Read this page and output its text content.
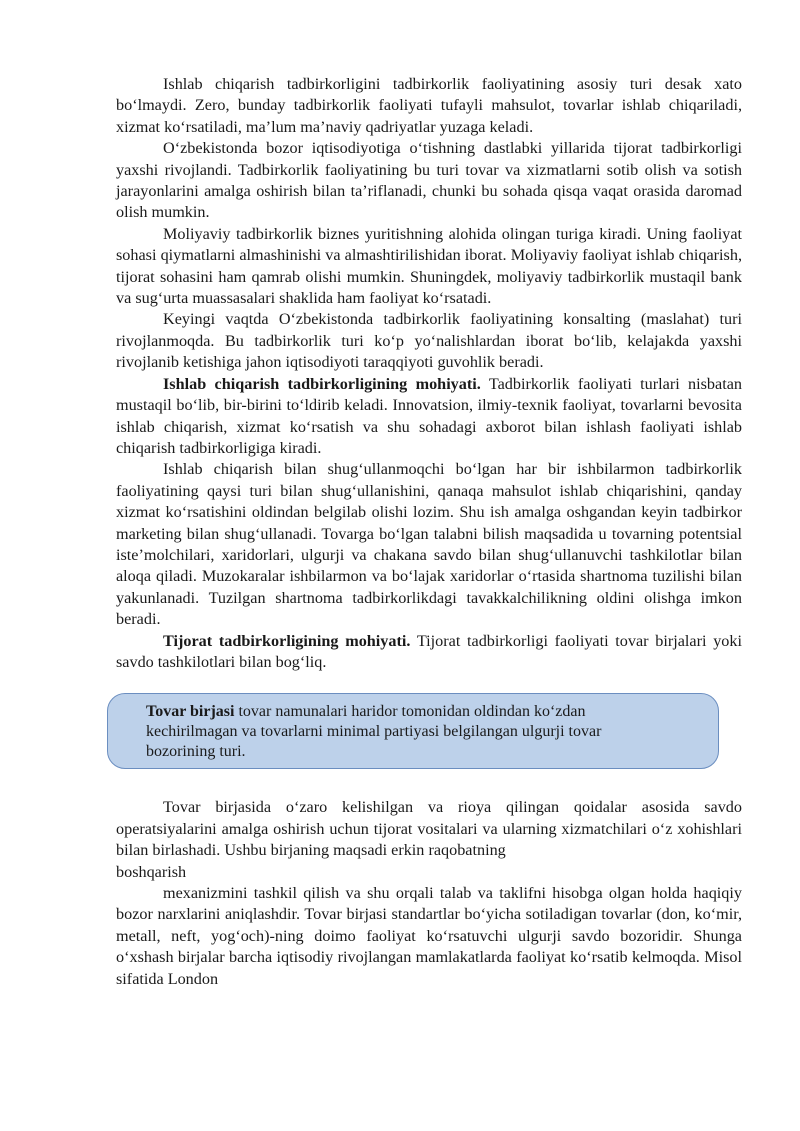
Ishlab chiqarish tadbirkorligini tadbirkorlik faoliyatining asosiy turi desak xato boʻlmaydi. Zero, bunday tadbirkorlik faoliyati tufayli mahsulot, tovarlar ishlab chiqariladi, xizmat koʻrsatiladi, maʼlum maʼnaviy qadriyatlar yuzaga keladi.

Oʻzbekistonda bozor iqtisodiyotiga oʻtishning dastlabki yillarida tijorat tadbirkorligi yaxshi rivojlandi. Tadbirkorlik faoliyatining bu turi tovar va xizmatlarni sotib olish va sotish jarayonlarini amalga oshirish bilan taʼriflanadi, chunki bu sohada qisqa vaqat orasida daromad olish mumkin.

Moliyaviy tadbirkorlik biznes yuritishning alohida olingan turiga kiradi. Uning faoliyat sohasi qiymatlarni almashinishi va almashtirilishidan iborat. Moliyaviy faoliyat ishlab chiqarish, tijorat sohasini ham qamrab olishi mumkin. Shuningdek, moliyaviy tadbirkorlik mustaqil bank va sugʻurta muassasalari shaklida ham faoliyat koʻrsatadi.

Keyingi vaqtda Oʻzbekistonda tadbirkorlik faoliyatining konsalting (maslahat) turi rivojlanmoqda. Bu tadbirkorlik turi koʻp yoʻnalishlardan iborat boʻlib, kelajakda yaxshi rivojlanib ketishiga jahon iqtisodiyoti taraqqiyoti guvohlik beradi.

Ishlab chiqarish tadbirkorligining mohiyati. Tadbirkorlik faoliyati turlari nisbatan mustaqil boʻlib, bir-birini toʻldirib keladi. Innovatsion, ilmiy-texnik faoliyat, tovarlarni bevosita ishlab chiqarish, xizmat koʻrsatish va shu sohadagi axborot bilan ishlash faoliyati ishlab chiqarish tadbirkorligiga kiradi.

Ishlab chiqarish bilan shugʻullanmoqchi boʻlgan har bir ishbilarmon tadbirkorlik faoliyatining qaysi turi bilan shugʻullanishini, qanaqa mahsulot ishlab chiqarishini, qanday xizmat koʻrsatishini oldindan belgilab olishi lozim. Shu ish amalga oshgandan keyin tadbirkor marketing bilan shugʻullanadi. Tovarga boʻlgan talabni bilish maqsadida u tovarning potentsial isteʼmolchilari, xaridorlari, ulgurji va chakana savdo bilan shugʻullanuvchi tashkilotlar bilan aloqa qiladi. Muzokaralar ishbilarmon va boʻlajak xaridorlar oʻrtasida shartnoma tuzilishi bilan yakunlanadi. Tuzilgan shartnoma tadbirkorlikdagi tavakkalchilikning oldini olishga imkon beradi.

Tijorat tadbirkorligining mohiyati. Tijorat tadbirkorligi faoliyati tovar birjalari yoki savdo tashkilotlari bilan bogʻliq.

Tovar birjasi tovar namunalari haridor tomonidan oldindan koʻzdan kechirilmagan va tovarlarni minimal partiyasi belgilangan ulgurji tovar bozorining turi.

Tovar birjasida oʻzaro kelishilgan va rioya qilingan qoidalar asosida savdo operatsiyalarini amalga oshirish uchun tijorat vositalari va ularning xizmatchilari oʻz xohishlari bilan birlashadi. Ushbu birjaning maqsadi erkin raqobatning

boshqarish

mexanizmini tashkil qilish va shu orqali talab va taklifni hisobga olgan holda haqiqiy bozor narxlarini aniqlashdir. Tovar birjasi standartlar boʻyicha sotiladigan tovarlar (don, koʻmir, metall, neft, yogʻoch)-ning doimo faoliyat koʻrsatuvchi ulgurji savdo bozoridir. Shunga oʻxshash birjalar barcha iqtisodiy rivojlangan mamlakatlarda faoliyat koʻrsatib kelmoqda. Misol sifatida London
